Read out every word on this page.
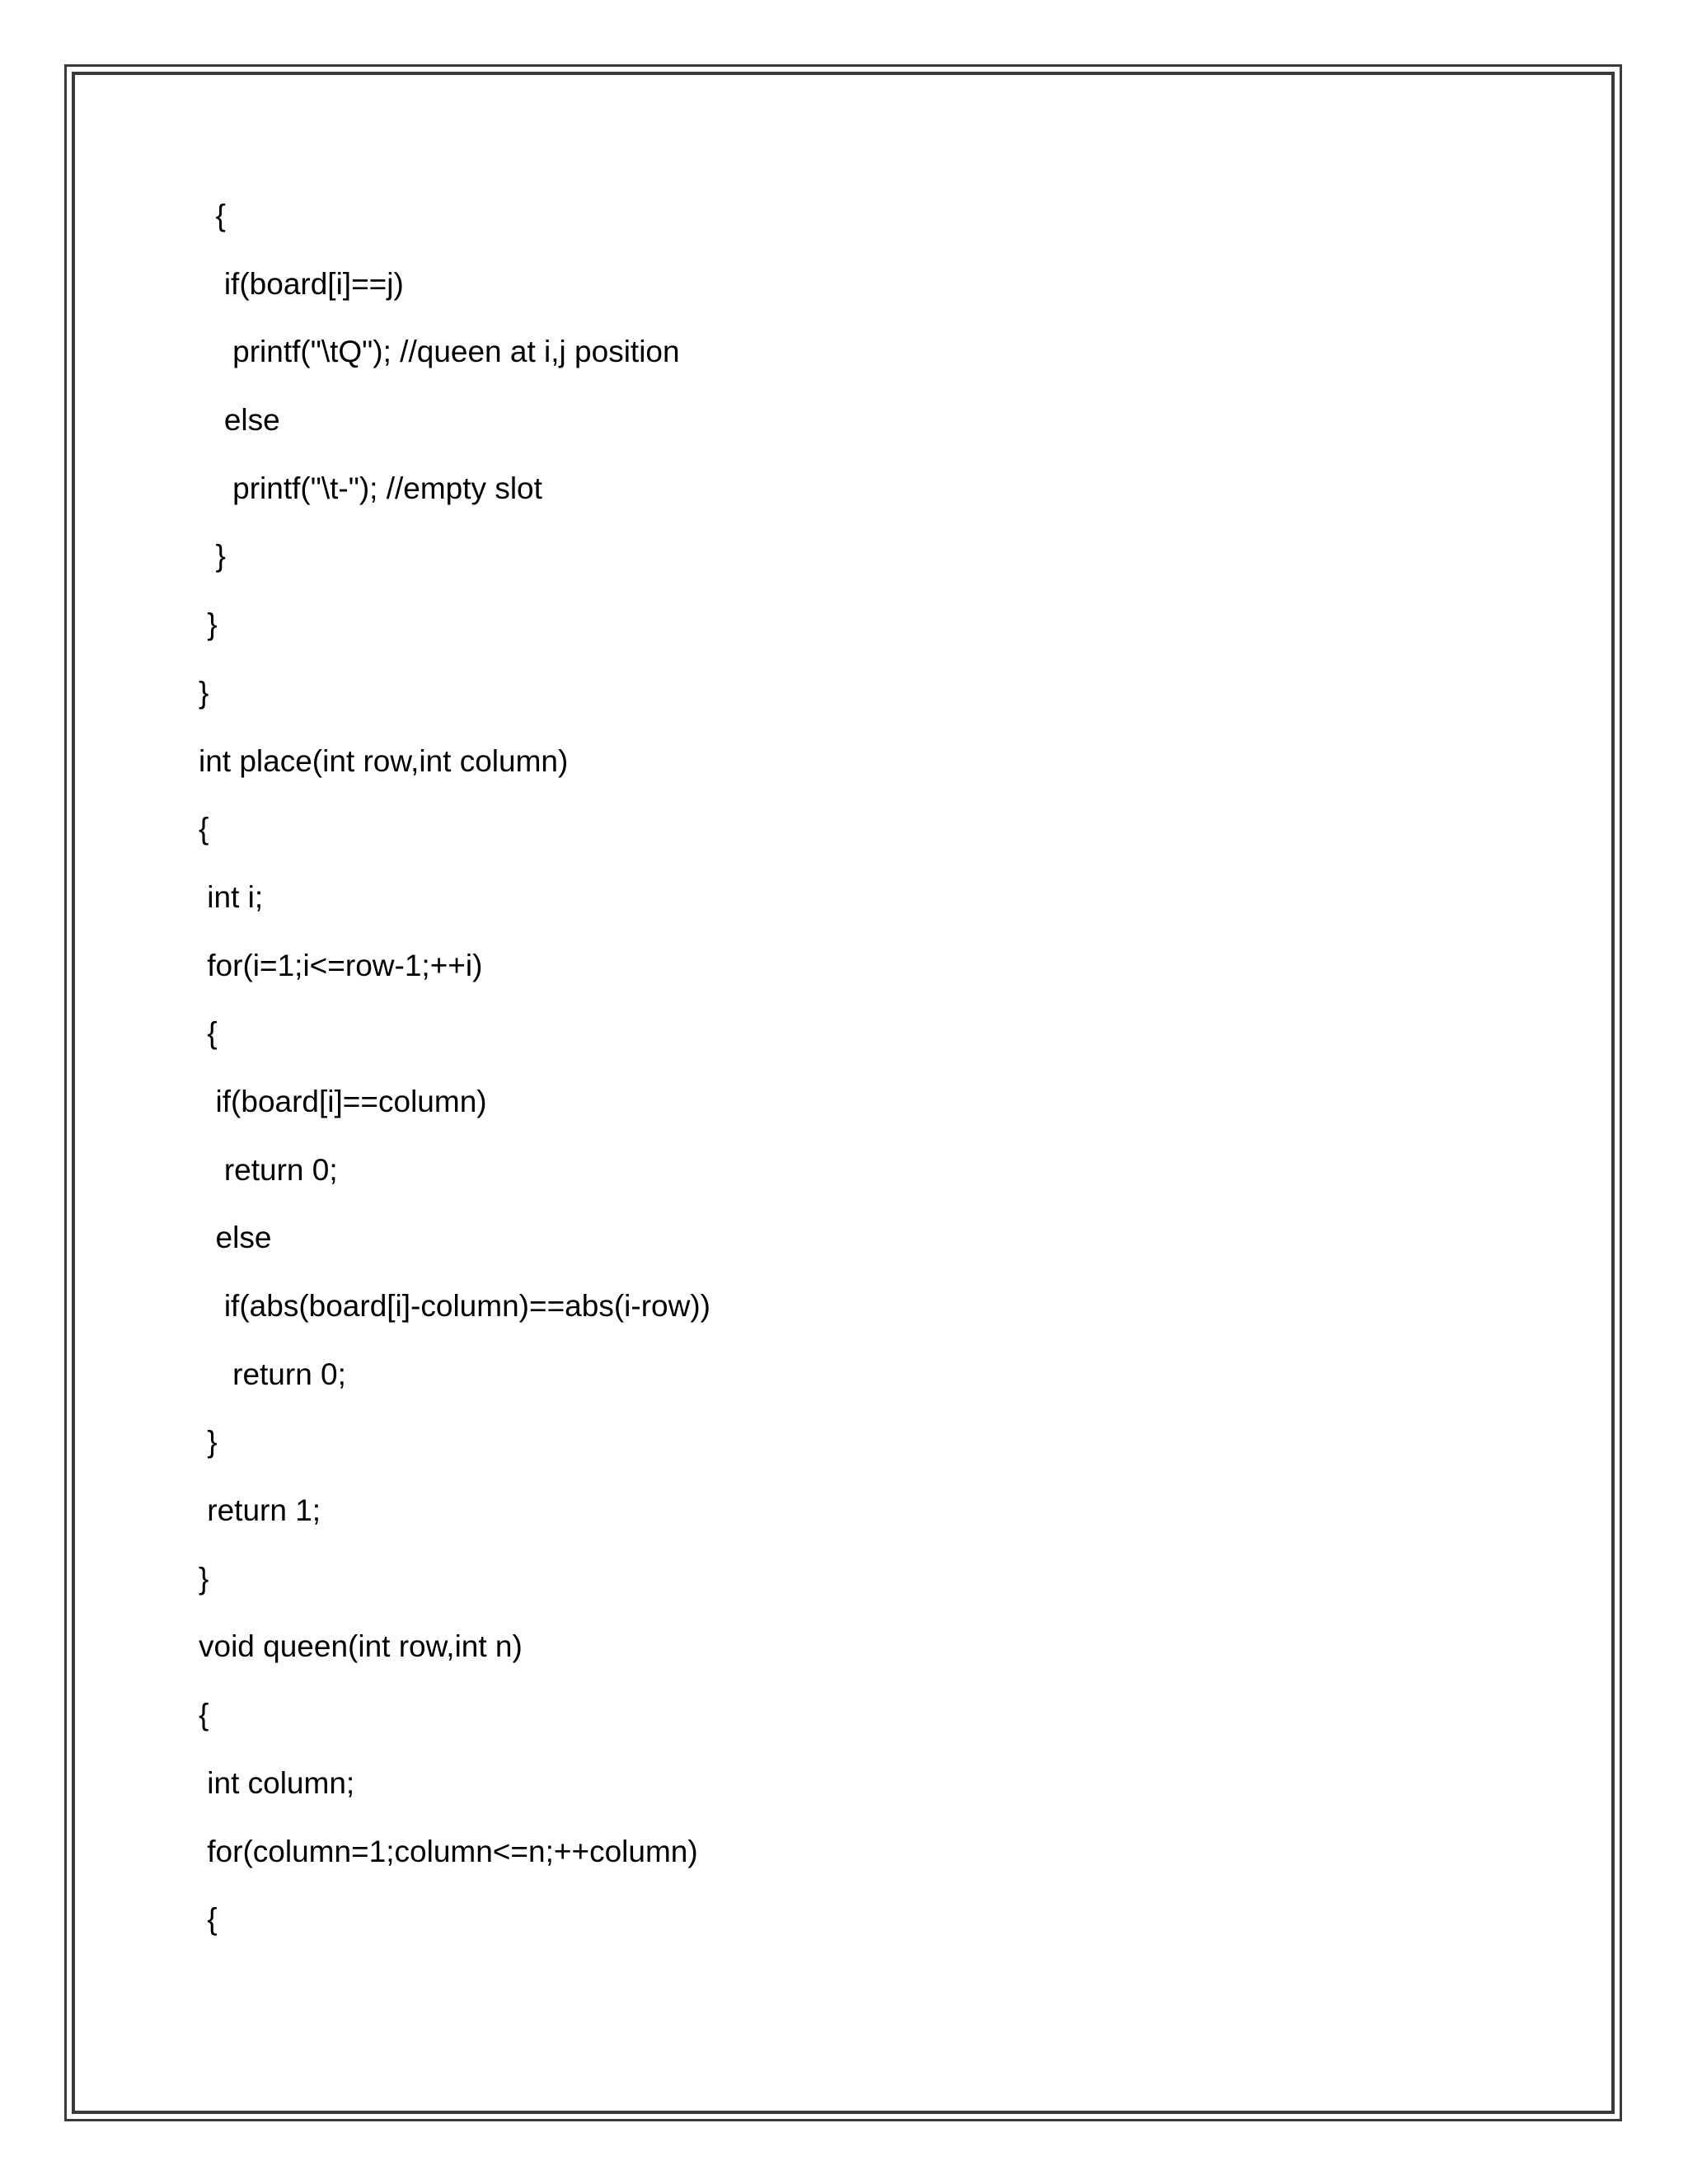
{
if(board[i]==j)
printf("\tQ"); //queen at i,j position
else
printf("\t-"); //empty slot
}
}
}
int place(int row,int column)
{
int i;
for(i=1;i<=row-1;++i)
{
if(board[i]==column)
return 0;
else
if(abs(board[i]-column)==abs(i-row))
return 0;
}
return 1;
}
void queen(int row,int n)
{
int column;
for(column=1;column<=n;++column)
{
